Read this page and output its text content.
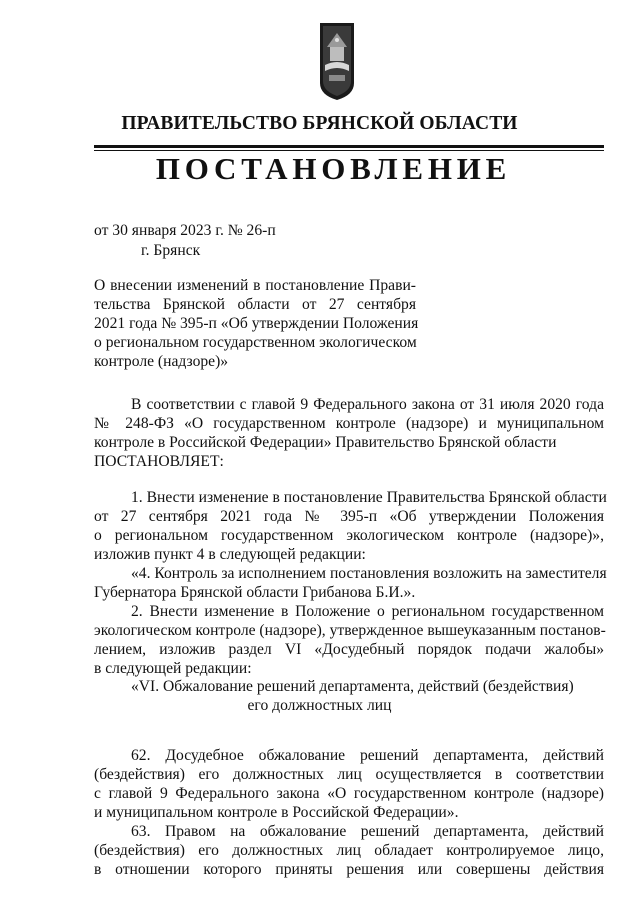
ПРАВИТЕЛЬСТВО БРЯНСКОЙ ОБЛАСТИ
ПОСТАНОВЛЕНИЕ
от 30 января 2023 г. № 26-п
г. Брянск
О внесении изменений в постановление Прави-
тельства Брянской области от 27 сентября
2021 года № 395-п «Об утверждении Положения
о региональном государственном экологическом
контроле (надзоре)»
В соответствии с главой 9 Федерального закона от 31 июля 2020 года
№ 248-ФЗ «О государственном контроле (надзоре) и муниципальном
контроле в Российской Федерации» Правительство Брянской области
ПОСТАНОВЛЯЕТ:
1. Внести изменение в постановление Правительства Брянской области
от 27 сентября 2021 года № 395-п «Об утверждении Положения
о региональном государственном экологическом контроле (надзоре)»,
изложив пункт 4 в следующей редакции:
«4. Контроль за исполнением постановления возложить на заместителя
Губернатора Брянской области Грибанова Б.И.».
2. Внести изменение в Положение о региональном государственном
экологическом контроле (надзоре), утвержденное вышеуказанным постанов-
лением, изложив раздел VI «Досудебный порядок подачи жалобы»
в следующей редакции:
«VI. Обжалование решений департамента, действий (бездействия)
его должностных лиц
62. Досудебное обжалование решений департамента, действий
(бездействия) его должностных лиц осуществляется в соответствии
с главой 9 Федерального закона «О государственном контроле (надзоре)
и муниципальном контроле в Российской Федерации».
63. Правом на обжалование решений департамента, действий
(бездействия) его должностных лиц обладает контролируемое лицо,
в отношении которого приняты решения или совершены действия
